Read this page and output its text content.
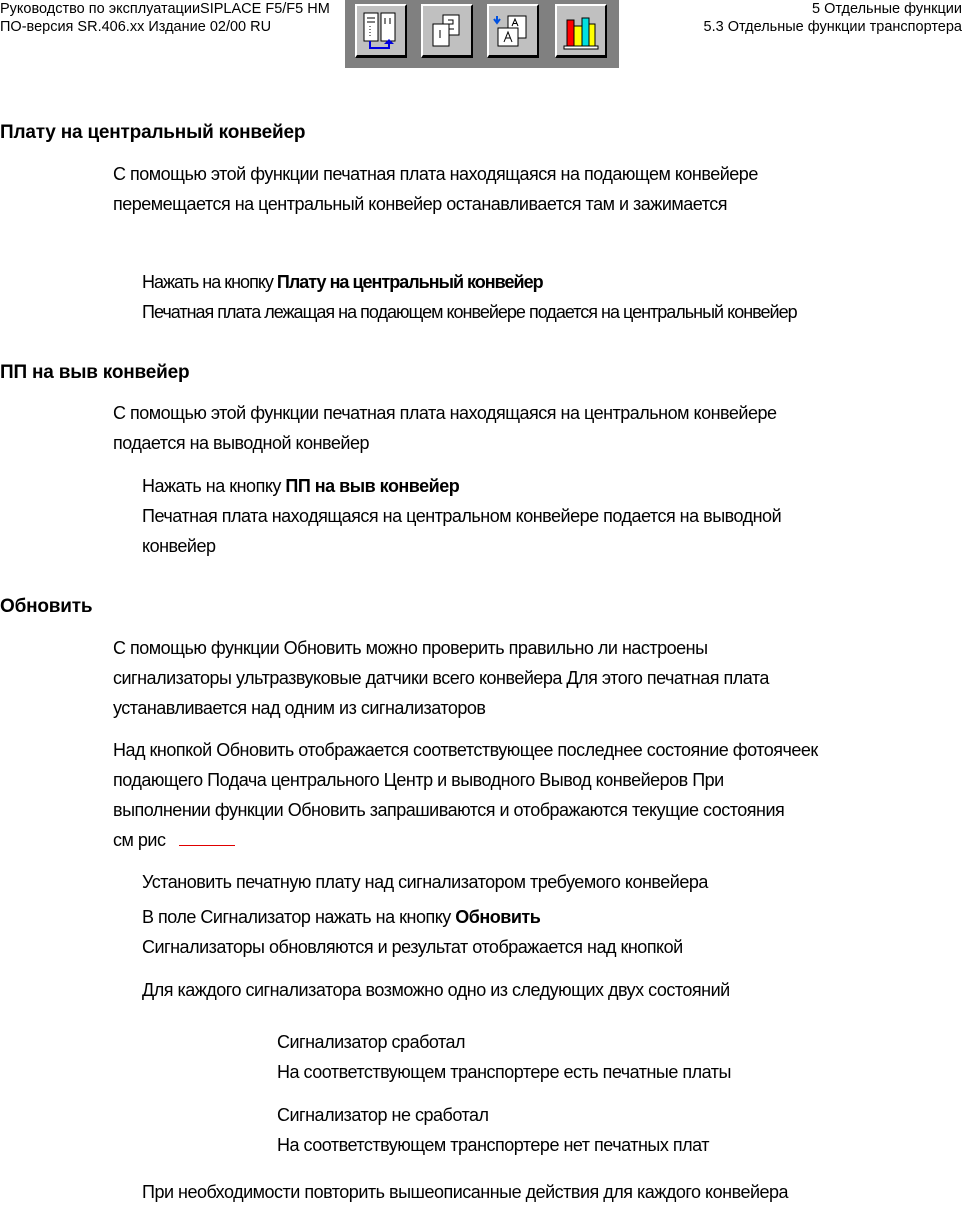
Руководство по эксплуатацииSIPLACE F5/F5 HM
ПО-версия SR.406.xx Издание 02/00 RU
5 Отдельные функции
5.3 Отдельные функции транспортера
Плату на центральный конвейер
С помощью этой функции печатная плата находящаяся на подающем конвейере
перемещается на центральный конвейер останавливается там и зажимается
Нажать на кнопку Плату на центральный конвейер
Печатная плата лежащая на подающем конвейере подается на центральный конвейер
ПП на выв конвейер
С помощью этой функции печатная плата находящаяся на центральном конвейере
подается на выводной конвейер
Нажать на кнопку ПП на выв конвейер
Печатная плата находящаяся на центральном конвейере подается на выводной
конвейер
Обновить
С помощью функции Обновить можно проверить правильно ли настроены
сигнализаторы ультразвуковые датчики всего конвейера Для этого печатная плата
устанавливается над одним из сигнализаторов
Над кнопкой Обновить отображается соответствующее последнее состояние фотоячеек
подающего Подача центрального Центр и выводного Вывод конвейеров При
выполнении функции Обновить запрашиваются и отображаются текущие состояния
см рис
Установить печатную плату над сигнализатором требуемого конвейера
В поле Сигнализатор нажать на кнопку Обновить
Сигнализаторы обновляются и результат отображается над кнопкой
Для каждого сигнализатора возможно одно из следующих двух состояний
Сигнализатор сработал
На соответствующем транспортере есть печатные платы
Сигнализатор не сработал
На соответствующем транспортере нет печатных плат
При необходимости повторить вышеописанные действия для каждого конвейера
